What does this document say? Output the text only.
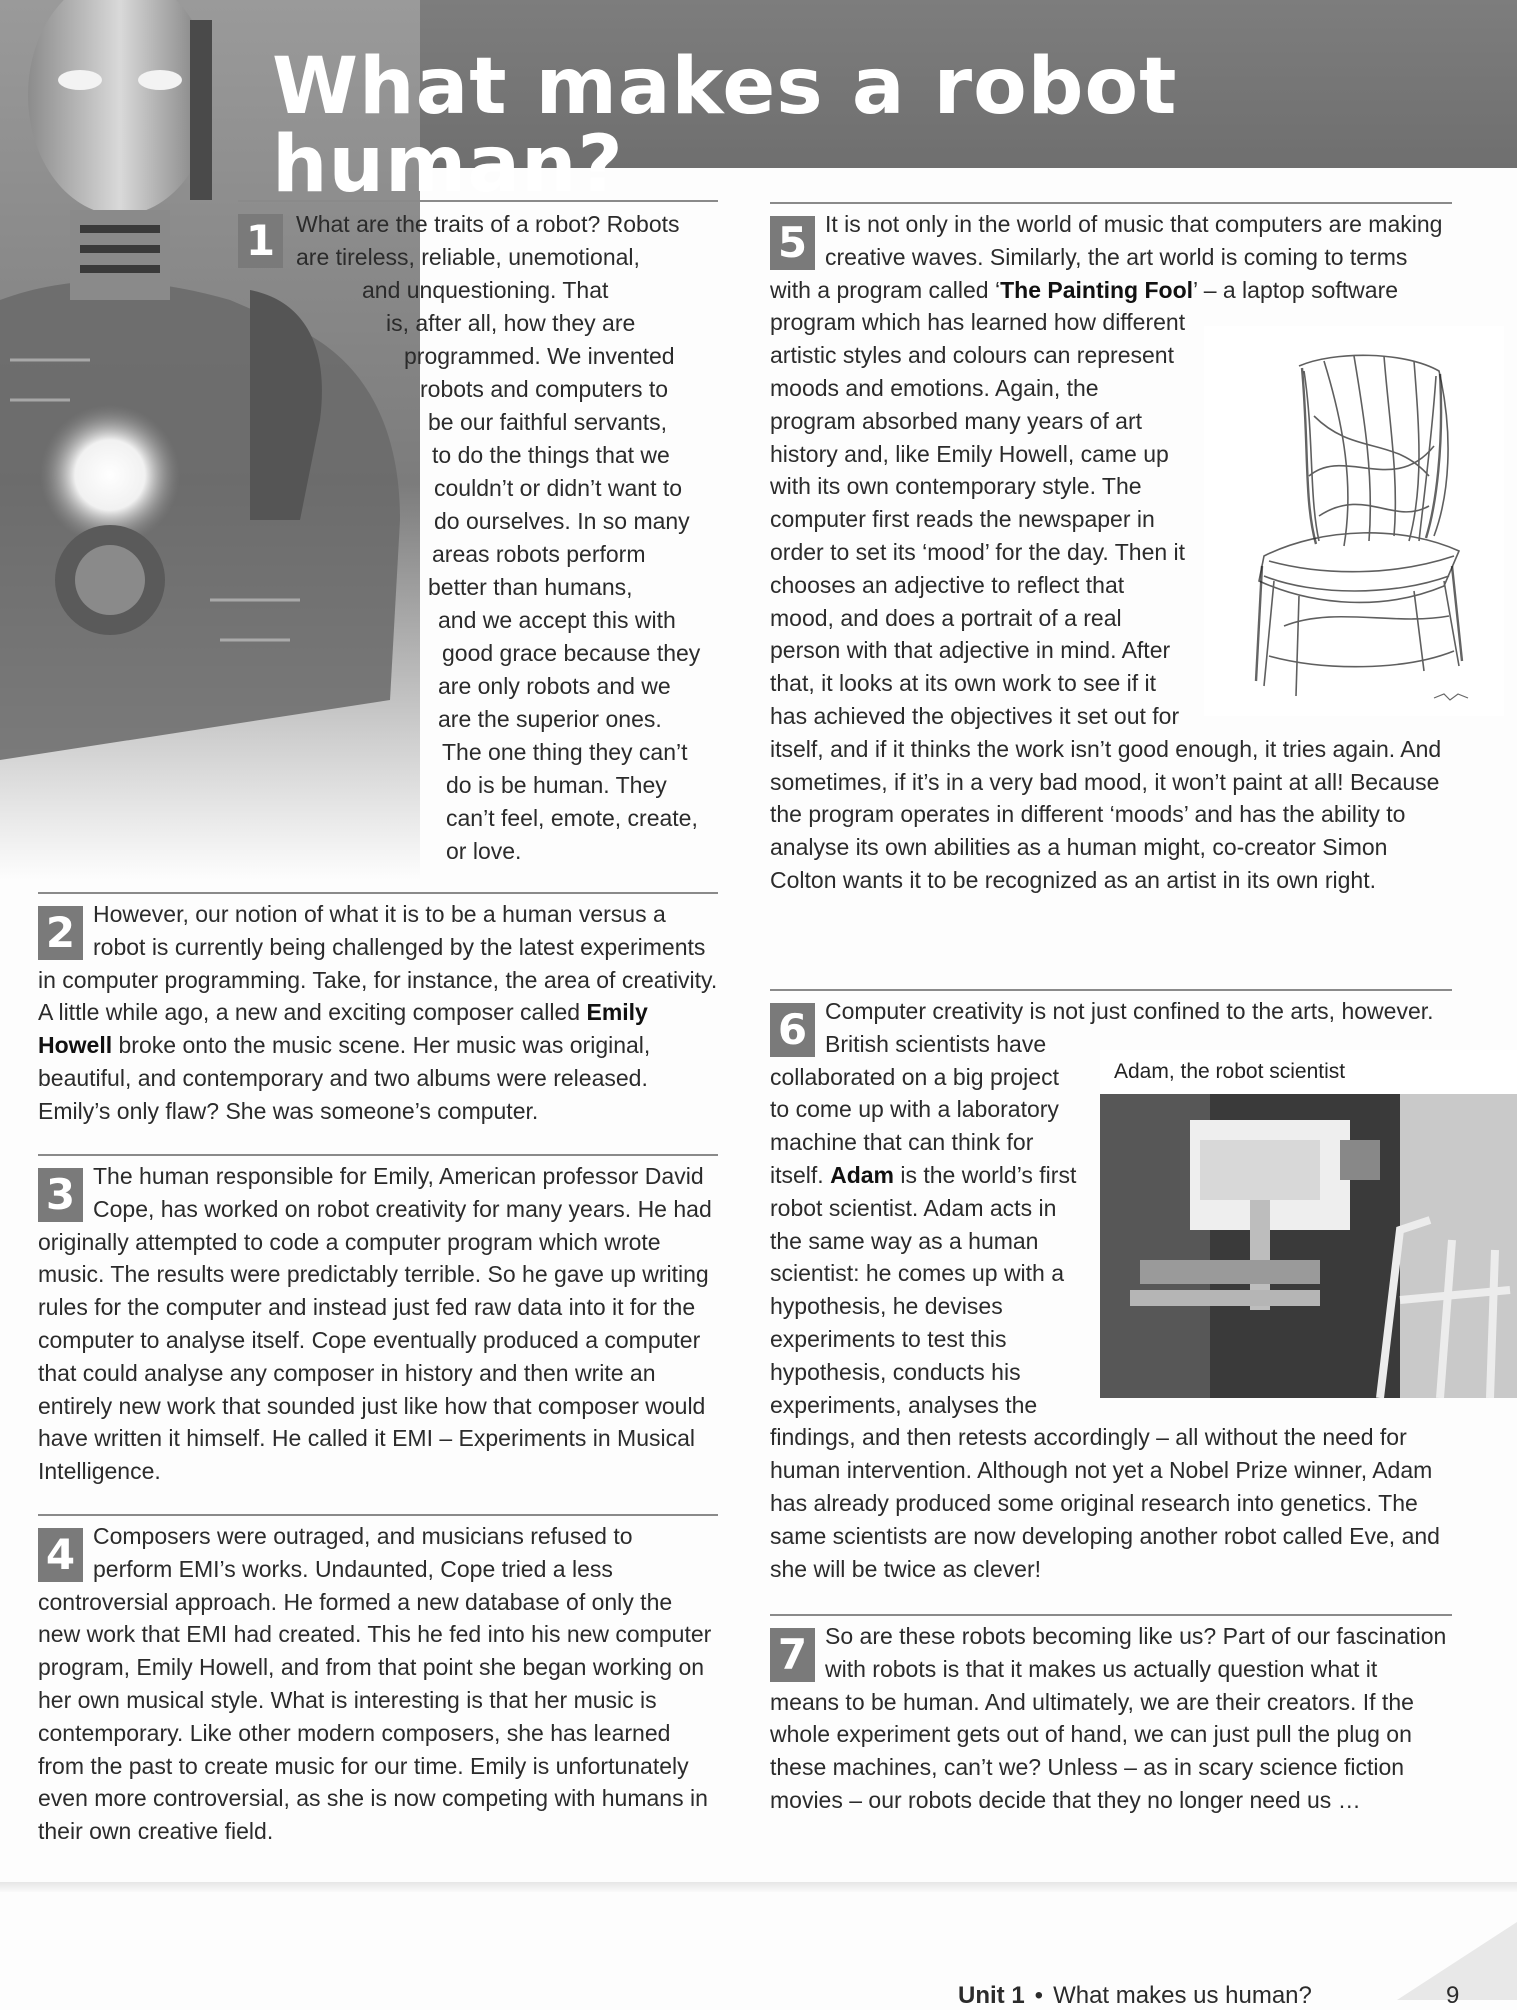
What makes a robot human?
1 What are the traits of a robot? Robots
are tireless, reliable, unemotional,
and unquestioning. That
is, after all, how they are
programmed. We invented
robots and computers to
be our faithful servants,
to do the things that we
couldn’t or didn’t want to
do ourselves. In so many
areas robots perform
better than humans,
and we accept this with
good grace because they
are only robots and we
are the superior ones.
The one thing they can’t
do is be human. They
can’t feel, emote, create,
or love.
2 However, our notion of what it is to be a human versus a robot is currently being challenged by the latest experiments in computer programming. Take, for instance, the area of creativity. A little while ago, a new and exciting composer called Emily Howell broke onto the music scene. Her music was original, beautiful, and contemporary and two albums were released. Emily’s only flaw? She was someone’s computer.

3 The human responsible for Emily, American professor David Cope, has worked on robot creativity for many years. He had originally attempted to code a computer program which wrote music. The results were predictably terrible. So he gave up writing rules for the computer and instead just fed raw data into it for the computer to analyse itself. Cope eventually produced a computer that could analyse any composer in history and then write an entirely new work that sounded just like how that composer would have written it himself. He called it EMI – Experiments in Musical Intelligence.

4 Composers were outraged, and musicians refused to perform EMI’s works. Undaunted, Cope tried a less controversial approach. He formed a new database of only the new work that EMI had created. This he fed into his new computer program, Emily Howell, and from that point she began working on her own musical style. What is interesting is that her music is contemporary. Like other modern composers, she has learned from the past to create music for our time. Emily is unfortunately even more controversial, as she is now competing with humans in their own creative field.

5 It is not only in the world of music that computers are making creative waves. Similarly, the art world is coming to terms with a program called ‘The Painting Fool’ – a laptop software program which has learned how different artistic styles and colours can represent moods and emotions. Again, the program absorbed many years of art history and, like Emily Howell, came up with its own contemporary style. The computer first reads the newspaper in order to set its ‘mood’ for the day. Then it chooses an adjective to reflect that mood, and does a portrait of a real person with that adjective in mind. After that, it looks at its own work to see if it has achieved the objectives it set out for itself, and if it thinks the work isn’t good enough, it tries again. And sometimes, if it’s in a very bad mood, it won’t paint at all! Because the program operates in different ‘moods’ and has the ability to analyse its own abilities as a human might, co-creator Simon Colton wants it to be recognized as an artist in its own right.

6
Adam, the robot scientist

Computer creativity is not just confined to the arts, however. British scientists have collaborated on a big project to come up with a laboratory machine that can think for itself. Adam is the world’s first robot scientist. Adam acts in the same way as a human scientist: he comes up with a hypothesis, he devises experiments to test this hypothesis, conducts his experiments, analyses the findings, and then retests accordingly – all without the need for human intervention. Although not yet a Nobel Prize winner, Adam has already produced some original research into genetics. The same scientists are now developing another robot called Eve, and she will be twice as clever!

7 So are these robots becoming like us? Part of our fascination with robots is that it makes us actually question what it means to be human. And ultimately, we are their creators. If the whole experiment gets out of hand, we can just pull the plug on these machines, can’t we? Unless – as in scary science fiction movies – our robots decide that they no longer need us …

Unit 1 • What makes us human?	9
